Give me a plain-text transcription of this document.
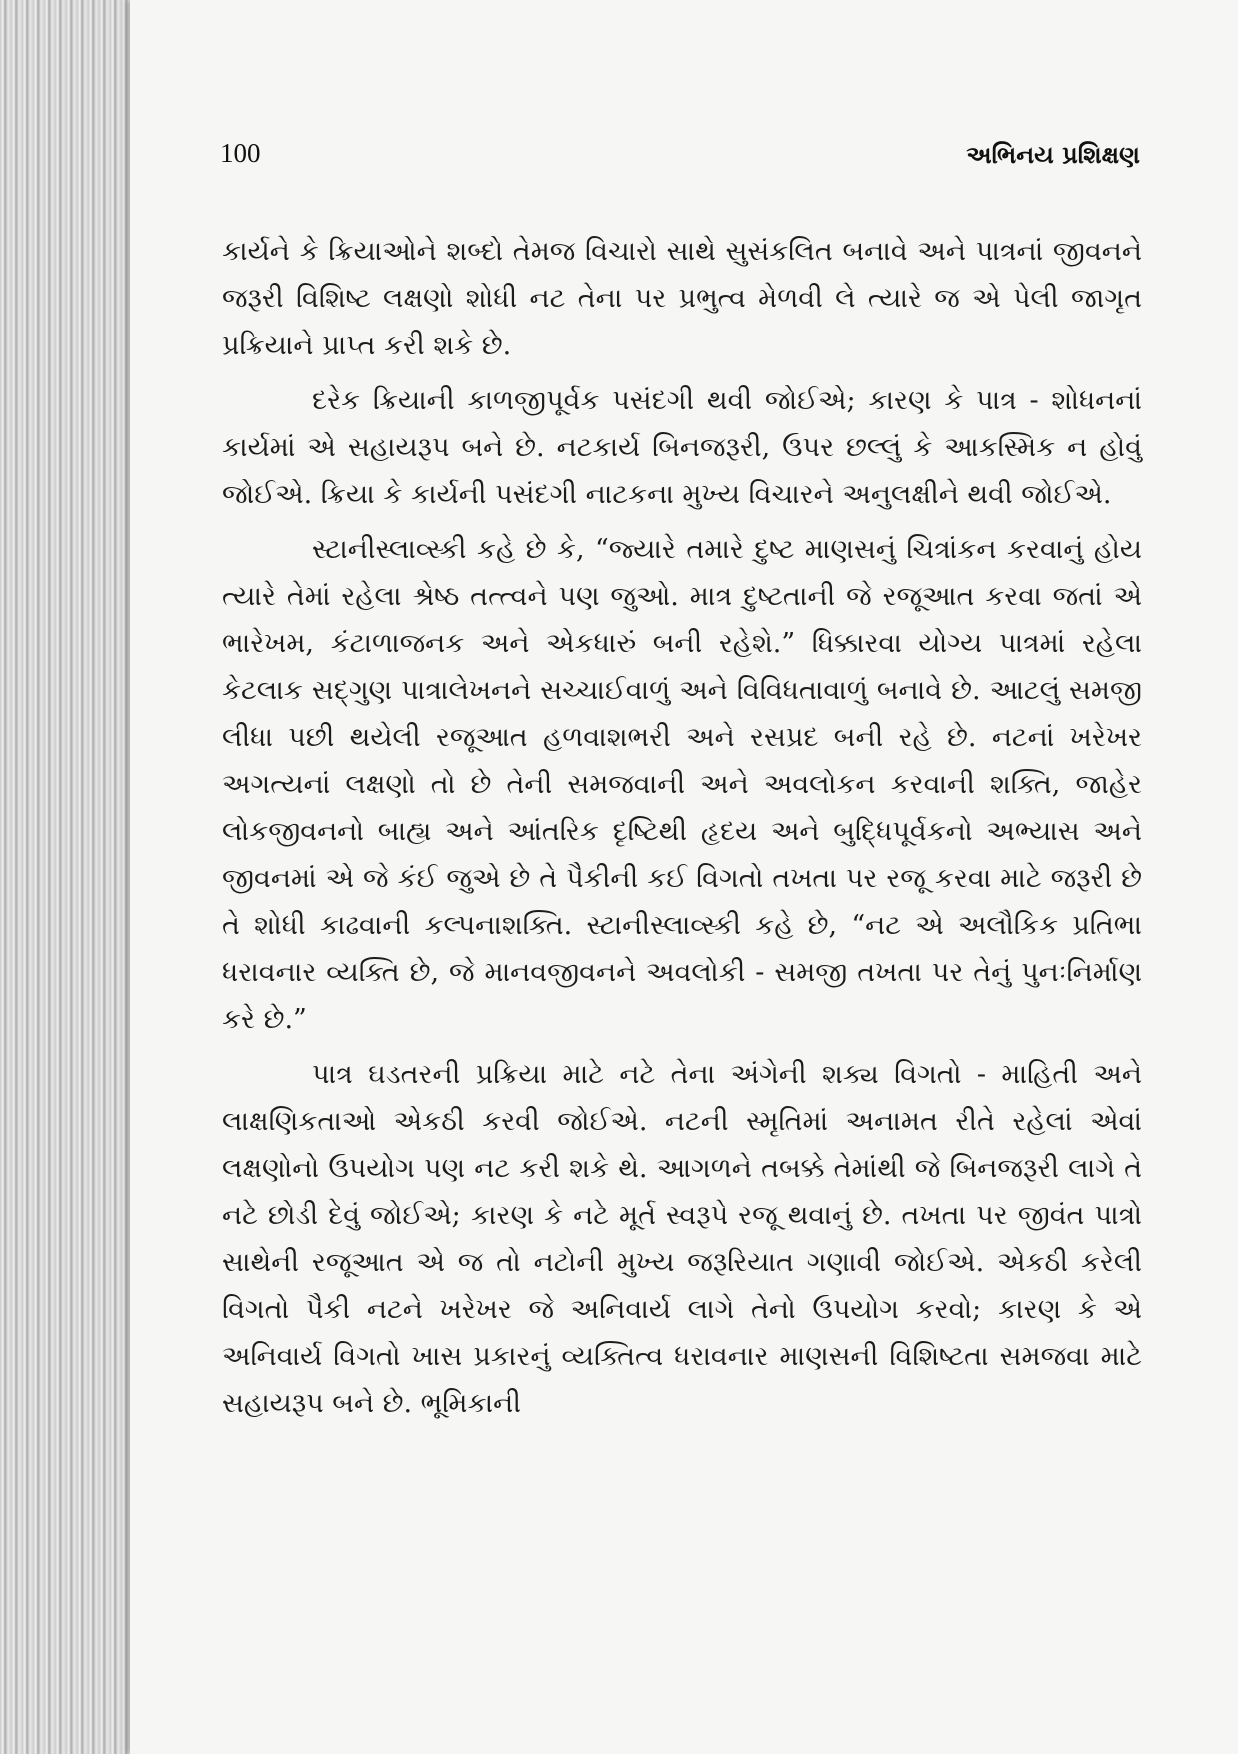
100	અભિનય પ્રશિક્ષણ

કાર્યને કે ક્રિયાઓને શબ્દો તેમજ વિચારો સાથે સુસંકલિત બનાવે અને પાત્રનાં જીવનને જરૂરી વિશિષ્ટ લક્ષણો શોધી નટ તેના પર પ્રભુત્વ મેળવી લે ત્યારે જ એ પેલી જાગૃત પ્રક્રિયાને પ્રાપ્ત કરી શકે છે.

દરેક ક્રિયાની કાળજીપૂર્વક પસંદગી થવી જોઈએ; કારણ કે પાત્ર - શોધનનાં કાર્યમાં એ સહાયરૂપ બને છે. નટકાર્ય બિનજરૂરી, ઉપર છલ્લું કે આકસ્મિક ન હોવું જોઈએ. ક્રિયા કે કાર્યની પસંદગી નાટકના મુખ્ય વિચારને અનુલક્ષીને થવી જોઈએ.

સ્ટાનીસ્લાવ્સ્કી કહે છે કે, “જ્યારે તમારે દુષ્ટ માણસનું ચિત્રાંકન કરવાનું હોય ત્યારે તેમાં રહેલા શ્રેષ્ઠ તત્ત્વને પણ જુઓ. માત્ર દુષ્ટતાની જે રજૂઆત કરવા જતાં એ ભારેખમ, કંટાળાજનક અને એકધારું બની રહેશે.” ધિક્કારવા યોગ્ય પાત્રમાં રહેલા કેટલાક સદ્ગુણ પાત્રાલેખનને સચ્ચાઈવાળું અને વિવિધતાવાળું બનાવે છે. આટલું સમજી લીધા પછી થયેલી રજૂઆત હળવાશભરી અને રસપ્રદ બની રહે છે. નટનાં ખરેખર અગત્યનાં લક્ષણો તો છે તેની સમજવાની અને અવલોકન કરવાની શક્તિ, જાહેર લોકજીવનનો બાહ્ય અને આંતરિક દૃષ્ટિથી હૃદય અને બુદ્ધિપૂર્વકનો અભ્યાસ અને જીવનમાં એ જે કંઈ જુએ છે તે પૈકીની કઈ વિગતો તખતા પર રજૂ કરવા માટે જરૂરી છે તે શોધી કાઢવાની કલ્પનાશક્તિ. સ્ટાનીસ્લાવ્સ્કી કહે છે, “નટ એ અલૌકિક પ્રતિભા ધરાવનાર વ્યક્તિ છે, જે માનવજીવનને અવલોકી - સમજી તખતા પર તેનું પુનઃનિર્માણ કરે છે.”

પાત્ર ઘડતરની પ્રક્રિયા માટે નટે તેના અંગેની શક્ય વિગતો - માહિતી અને લાક્ષણિકતાઓ એકઠી કરવી જોઈએ. નટની સ્મૃતિમાં અનામત રીતે રહેલાં એવાં લક્ષણોનો ઉપયોગ પણ નટ કરી શકે થે. આગળને તબક્કે તેમાંથી જે બિનજરૂરી લાગે તે નટે છોડી દેવું જોઈએ; કારણ કે નટે મૂર્ત સ્વરૂપે રજૂ થવાનું છે. તખતા પર જીવંત પાત્રો સાથેની રજૂઆત એ જ તો નટોની મુખ્ય જરૂરિયાત ગણાવી જોઈએ. એકઠી કરેલી વિગતો પૈકી નટને ખરેખર જે અનિવાર્ય લાગે તેનો ઉપયોગ કરવો; કારણ કે એ અનિવાર્ય વિગતો ખાસ પ્રકારનું વ્યક્તિત્વ ધરાવનાર માણસની વિશિષ્ટતા સમજવા માટે સહાયરૂપ બને છે. ભૂમિકાની
